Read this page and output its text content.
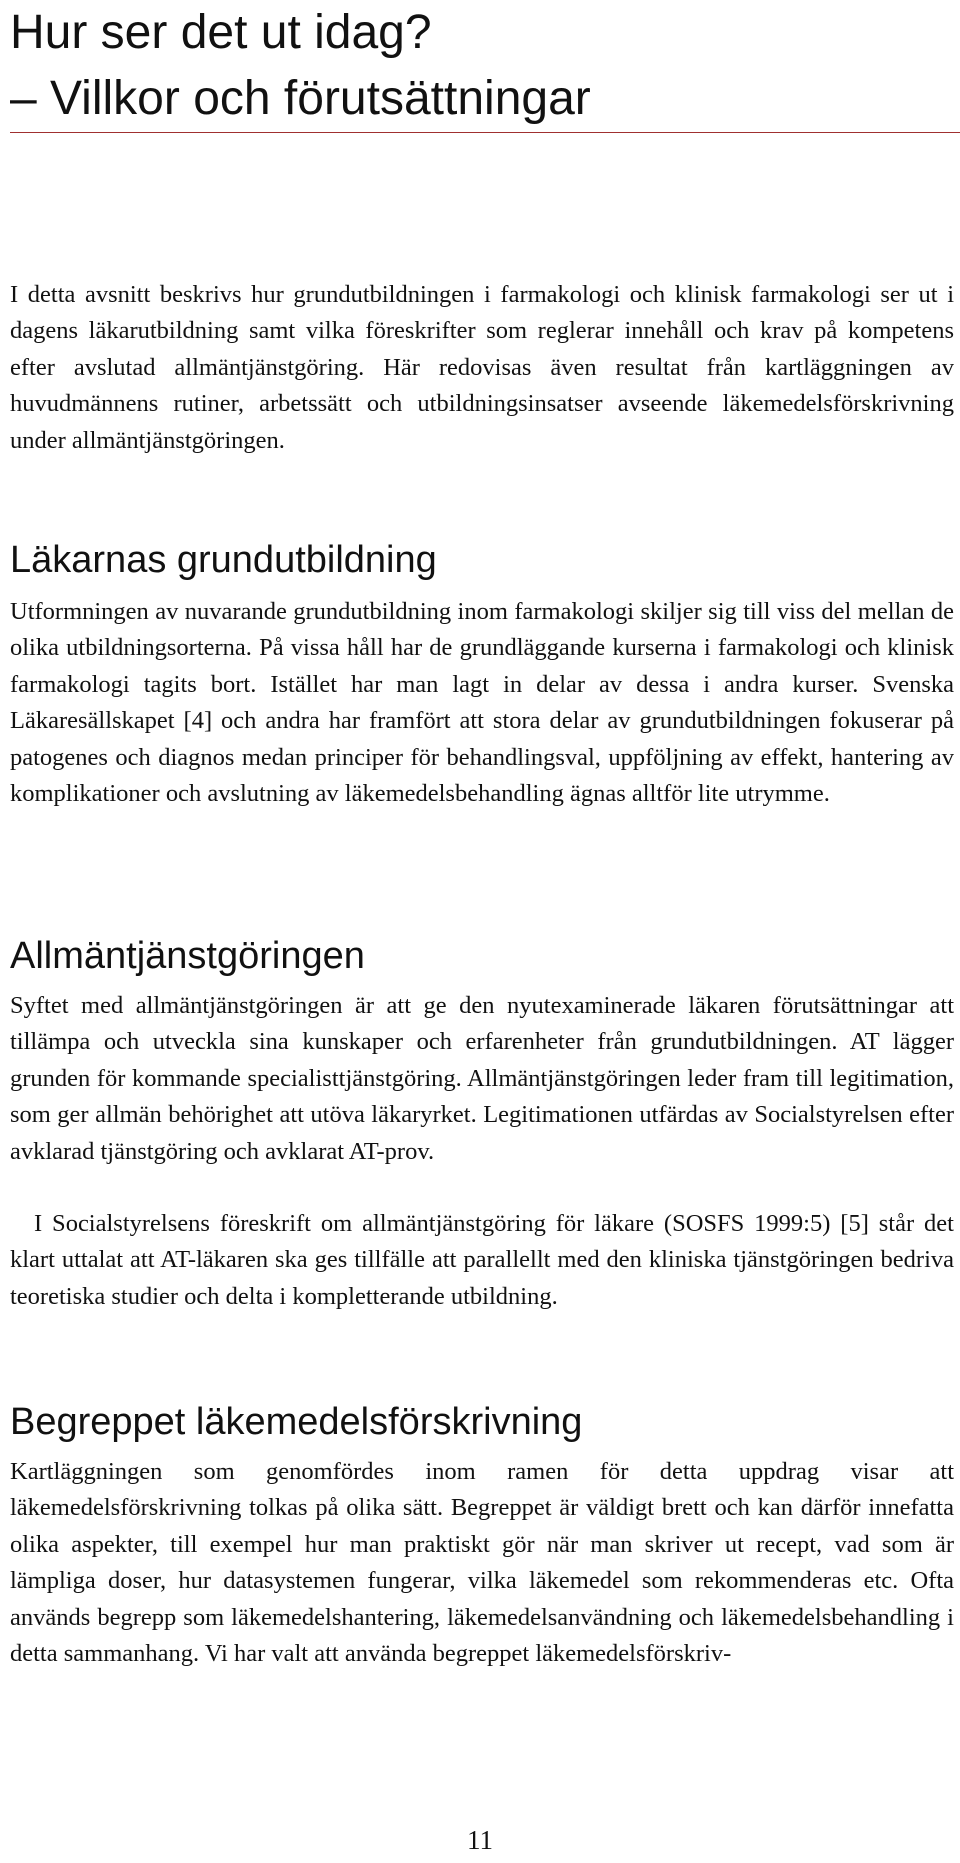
Hur ser det ut idag?
– Villkor och förutsättningar

I detta avsnitt beskrivs hur grundutbildningen i farmakologi och klinisk farmakologi ser ut i dagens läkarutbildning samt vilka föreskrifter som reglerar innehåll och krav på kompetens efter avslutad allmäntjänstgöring. Här redovisas även resultat från kartläggningen av huvudmännens rutiner, arbetssätt och utbildningsinsatser avseende läkemedelsförskrivning under allmäntjänstgöringen.

Läkarnas grundutbildning

Utformningen av nuvarande grundutbildning inom farmakologi skiljer sig till viss del mellan de olika utbildningsorterna. På vissa håll har de grundläggande kurserna i farmakologi och klinisk farmakologi tagits bort. Istället har man lagt in delar av dessa i andra kurser. Svenska Läkaresällskapet [4] och andra har framfört att stora delar av grundutbildningen fokuserar på patogenes och diagnos medan principer för behandlingsval, uppföljning av effekt, hantering av komplikationer och avslutning av läkemedelsbehandling ägnas alltför lite utrymme.

Allmäntjänstgöringen

Syftet med allmäntjänstgöringen är att ge den nyutexaminerade läkaren förutsättningar att tillämpa och utveckla sina kunskaper och erfarenheter från grundutbildningen. AT lägger grunden för kommande specialisttjänstgöring. Allmäntjänstgöringen leder fram till legitimation, som ger allmän behörighet att utöva läkaryrket. Legitimationen utfärdas av Socialstyrelsen efter avklarad tjänstgöring och avklarat AT-prov.

I Socialstyrelsens föreskrift om allmäntjänstgöring för läkare (SOSFS 1999:5) [5] står det klart uttalat att AT-läkaren ska ges tillfälle att parallellt med den kliniska tjänstgöringen bedriva teoretiska studier och delta i kompletterande utbildning.

Begreppet läkemedelsförskrivning

Kartläggningen som genomfördes inom ramen för detta uppdrag visar att läkemedelsförskrivning tolkas på olika sätt. Begreppet är väldigt brett och kan därför innefatta olika aspekter, till exempel hur man praktiskt gör när man skriver ut recept, vad som är lämpliga doser, hur datasystemen fungerar, vilka läkemedel som rekommenderas etc. Ofta används begrepp som läkemedelshantering, läkemedelsanvändning och läkemedelsbehandling i detta sammanhang. Vi har valt att använda begreppet läkemedelsförskriv-

11
